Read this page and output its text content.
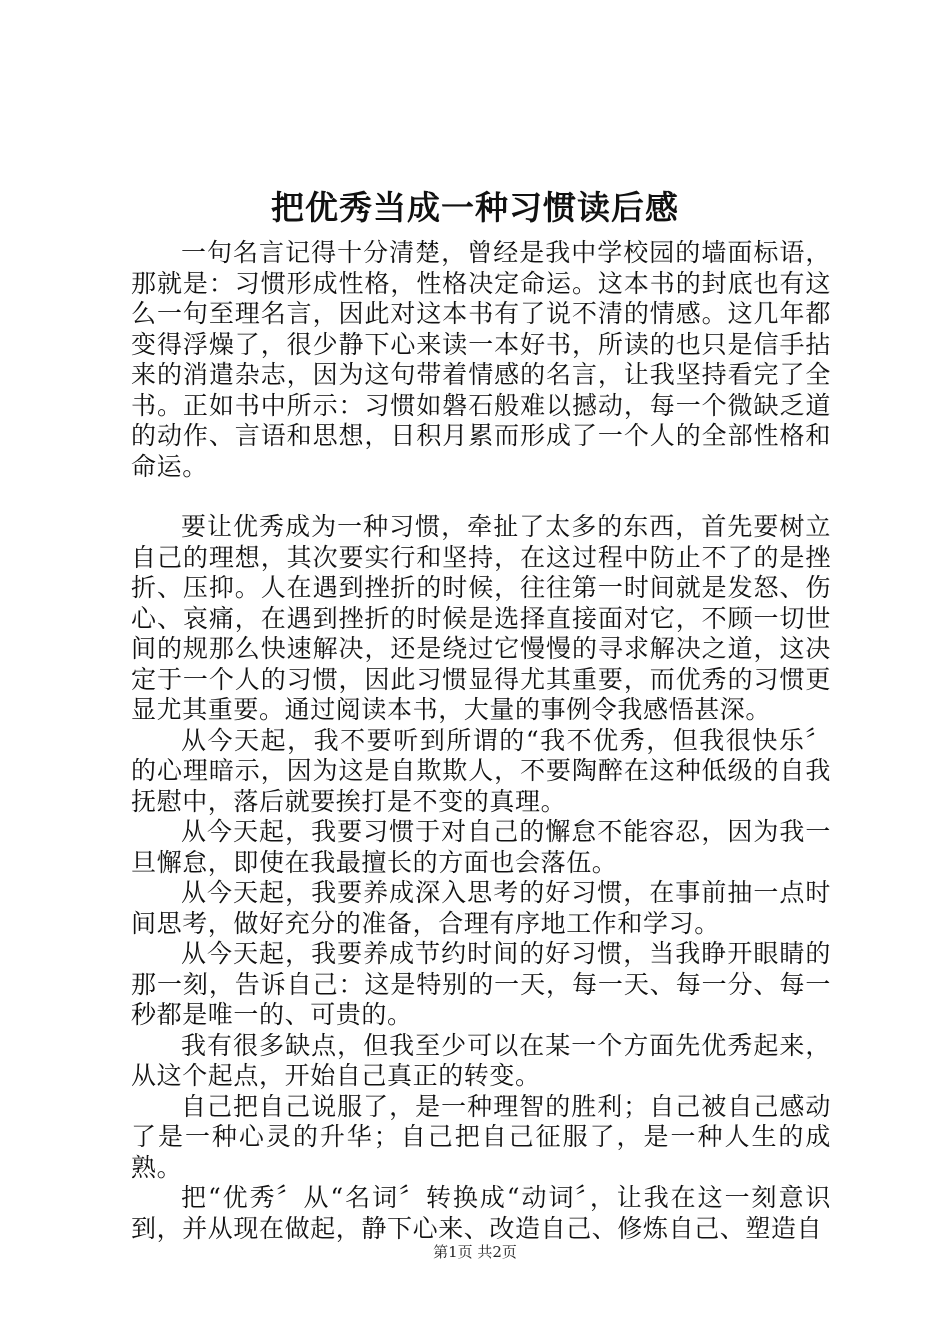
把优秀当成一种习惯读后感

一句名言记得十分清楚，曾经是我中学校园的墙面标语，那就是：习惯形成性格，性格决定命运。这本书的封底也有这么一句至理名言，因此对这本书有了说不清的情感。这几年都变得浮燥了，很少静下心来读一本好书，所读的也只是信手拈来的消遣杂志，因为这句带着情感的名言，让我坚持看完了全书。正如书中所示：习惯如磐石般难以撼动，每一个微缺乏道的动作、言语和思想，日积月累而形成了一个人的全部性格和命运。

要让优秀成为一种习惯，牵扯了太多的东西，首先要树立自己的理想，其次要实行和坚持，在这过程中防止不了的是挫折、压抑。人在遇到挫折的时候，往往第一时间就是发怒、伤心、哀痛，在遇到挫折的时候是选择直接面对它，不顾一切世间的规那么快速解决，还是绕过它慢慢的寻求解决之道，这决定于一个人的习惯，因此习惯显得尤其重要，而优秀的习惯更显尤其重要。通过阅读本书，大量的事例令我感悟甚深。

从今天起，我不要听到所谓的“我不优秀，但我很快乐〞的心理暗示，因为这是自欺欺人，不要陶醉在这种低级的自我抚慰中，落后就要挨打是不变的真理。

从今天起，我要习惯于对自己的懈怠不能容忍，因为我一旦懈怠，即使在我最擅长的方面也会落伍。

从今天起，我要养成深入思考的好习惯，在事前抽一点时间思考，做好充分的准备，合理有序地工作和学习。

从今天起，我要养成节约时间的好习惯，当我睁开眼睛的那一刻，告诉自己：这是特别的一天，每一天、每一分、每一秒都是唯一的、可贵的。

我有很多缺点，但我至少可以在某一个方面先优秀起来，从这个起点，开始自己真正的转变。

自己把自己说服了，是一种理智的胜利；自己被自己感动了是一种心灵的升华；自己把自己征服了，是一种人生的成熟。

把“优秀〞从“名词〞转换成“动词〞，让我在这一刻意识到，并从现在做起，静下心来、改造自己、修炼自己、塑造自

第1页 共2页
